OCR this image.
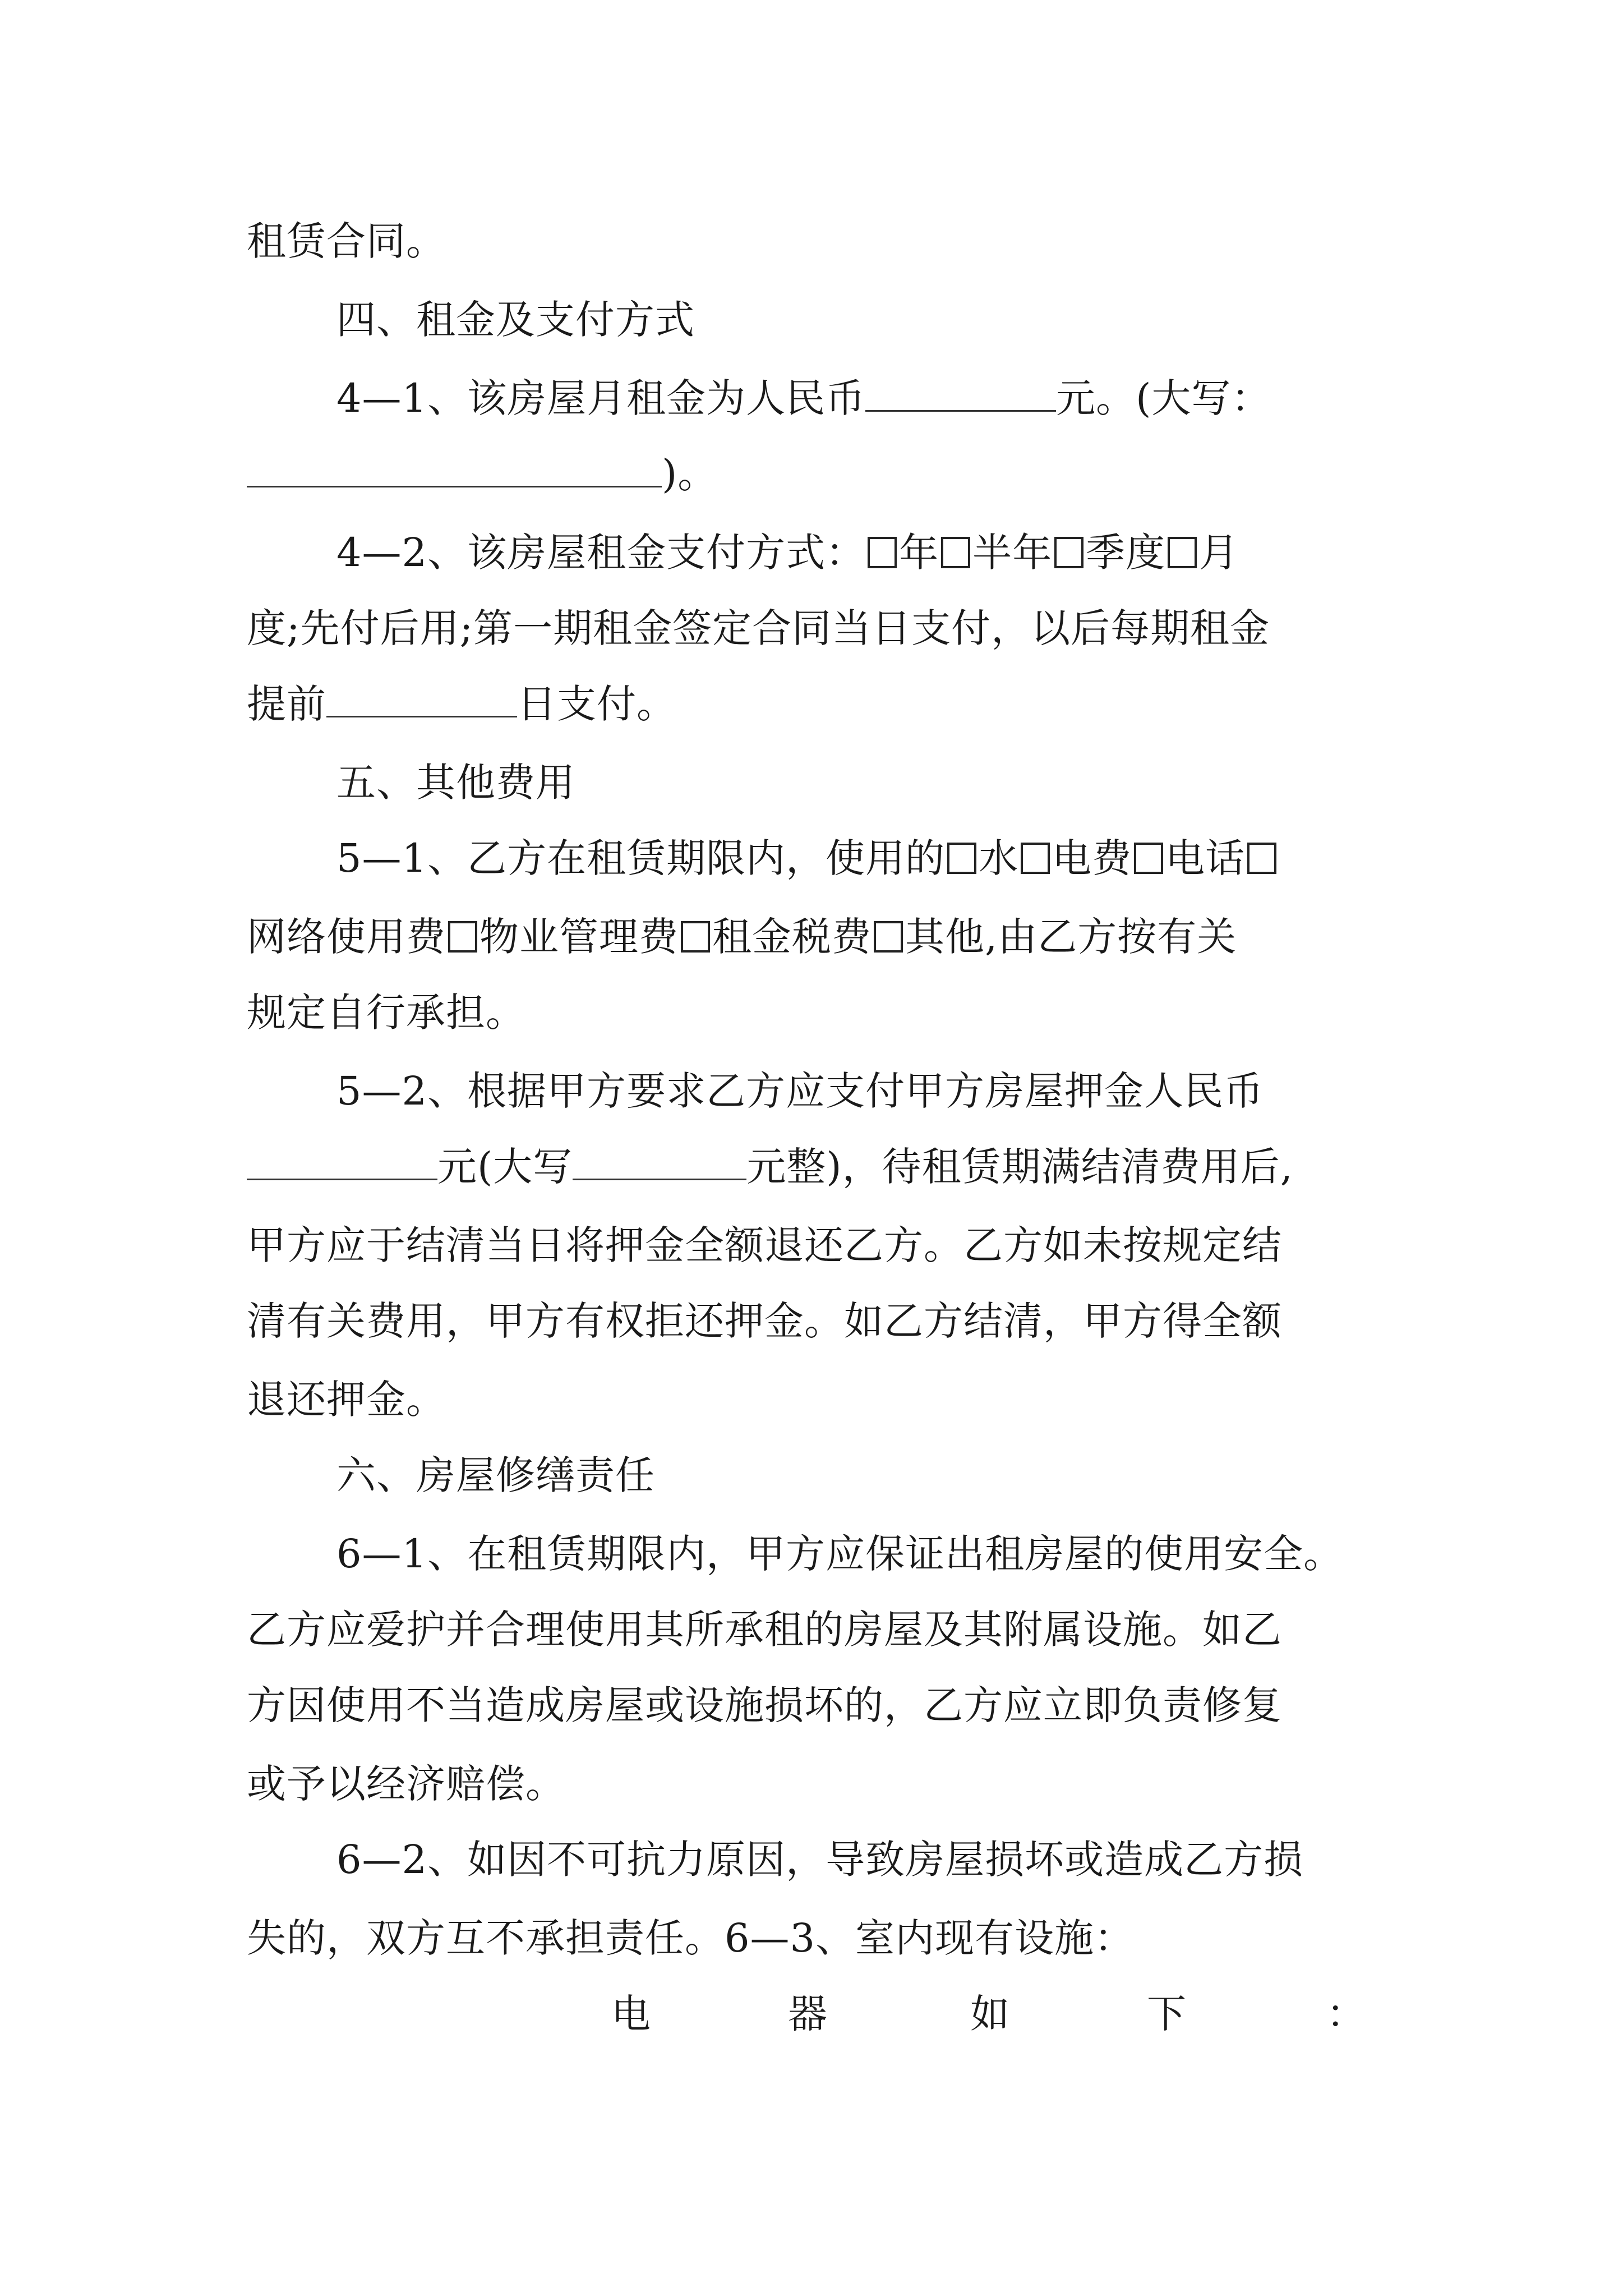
租赁合同。
四、租金及支付方式
4—1、该房屋月租金为人民币	元。(大写：
)。
4—2、该房屋租金支付方式： 年 半年 季度 月
度;先付后用;第一期租金签定合同当日支付，以后每期租金
提前	日支付。
五、其他费用
5—1、乙方在租赁期限内，使用的 水 电费 电话
网络使用费 物业管理费 租金税费 其他,由乙方按有关
规定自行承担。
5—2、根据甲方要求乙方应支付甲方房屋押金人民币
元(大写	元整)，待租赁期满结清费用后,
甲方应于结清当日将押金全额退还乙方。乙方如未按规定结
清有关费用，甲方有权拒还押金。如乙方结清，甲方得全额
退还押金。
六、房屋修缮责任
6—1、在租赁期限内，甲方应保证出租房屋的使用安全。
乙方应爱护并合理使用其所承租的房屋及其附属设施。如乙
方因使用不当造成房屋或设施损坏的，乙方应立即负责修复
或予以经济赔偿。
6—2、如因不可抗力原因，导致房屋损坏或造成乙方损
失的，双方互不承担责任。6—3、室内现有设施：
电	器	如	下	：
